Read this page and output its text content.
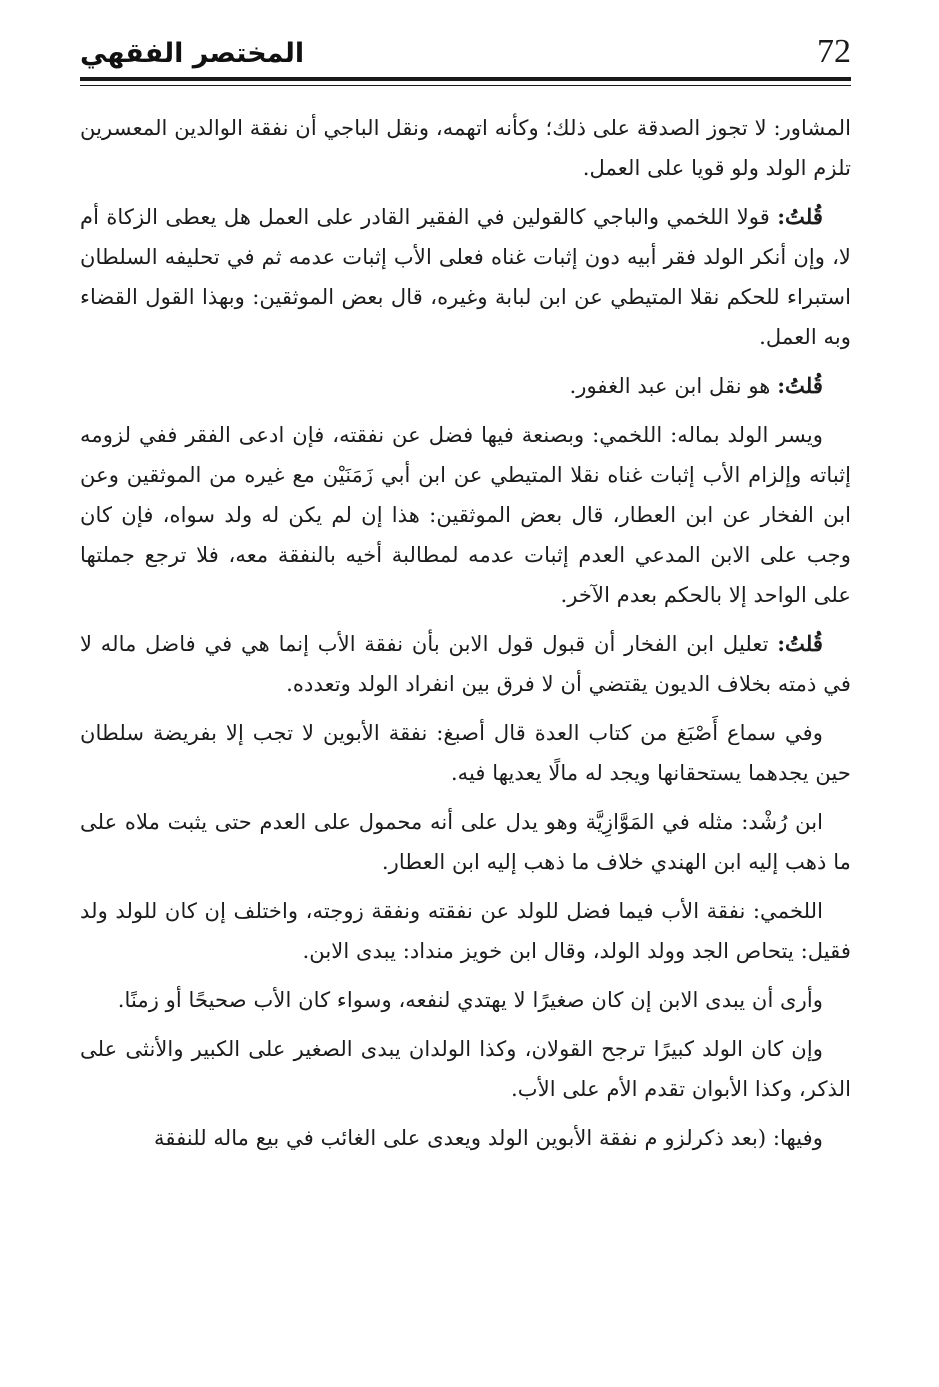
72
المختصر الفقهي

المشاور: لا تجوز الصدقة على ذلك؛ وكأنه اتهمه، ونقل الباجي أن نفقة الوالدين المعسرين تلزم الولد ولو قويا على العمل.

قُلتُ: قولا اللخمي والباجي كالقولين في الفقير القادر على العمل هل يعطى الزكاة أم لا، وإن أنكر الولد فقر أبيه دون إثبات غناه فعلى الأب إثبات عدمه ثم في تحليفه السلطان استبراء للحكم نقلا المتيطي عن ابن لبابة وغيره، قال بعض الموثقين: وبهذا القول القضاء وبه العمل.

قُلتُ: هو نقل ابن عبد الغفور.

ويسر الولد بماله: اللخمي: وبصنعة فيها فضل عن نفقته، فإن ادعى الفقر ففي لزومه إثباته وإلزام الأب إثبات غناه نقلا المتيطي عن ابن أبي زَمَنَيْن مع غيره من الموثقين وعن ابن الفخار عن ابن العطار، قال بعض الموثقين: هذا إن لم يكن له ولد سواه، فإن كان وجب على الابن المدعي العدم إثبات عدمه لمطالبة أخيه بالنفقة معه، فلا ترجع جملتها على الواحد إلا بالحكم بعدم الآخر.

قُلتُ: تعليل ابن الفخار أن قبول قول الابن بأن نفقة الأب إنما هي في فاضل ماله لا في ذمته بخلاف الديون يقتضي أن لا فرق بين انفراد الولد وتعدده.

وفي سماع أَصْبَغ من كتاب العدة قال أصبغ: نفقة الأبوين لا تجب إلا بفريضة سلطان حين يجدهما يستحقانها ويجد له مالًا يعديها فيه.

ابن رُشْد: مثله في المَوَّازِيَّة وهو يدل على أنه محمول على العدم حتى يثبت ملاه على ما ذهب إليه ابن الهندي خلاف ما ذهب إليه ابن العطار.

اللخمي: نفقة الأب فيما فضل للولد عن نفقته ونفقة زوجته، واختلف إن كان للولد ولد فقيل: يتحاص الجد وولد الولد، وقال ابن خويز منداد: يبدى الابن.

وأرى أن يبدى الابن إن كان صغيرًا لا يهتدي لنفعه، وسواء كان الأب صحيحًا أو زمنًا.

وإن كان الولد كبيرًا ترجح القولان، وكذا الولدان يبدى الصغير على الكبير والأنثى على الذكر، وكذا الأبوان تقدم الأم على الأب.

وفيها: (بعد ذكرلزو م نفقة الأبوين الولد ويعدى على الغائب في بيع ماله للنفقة
